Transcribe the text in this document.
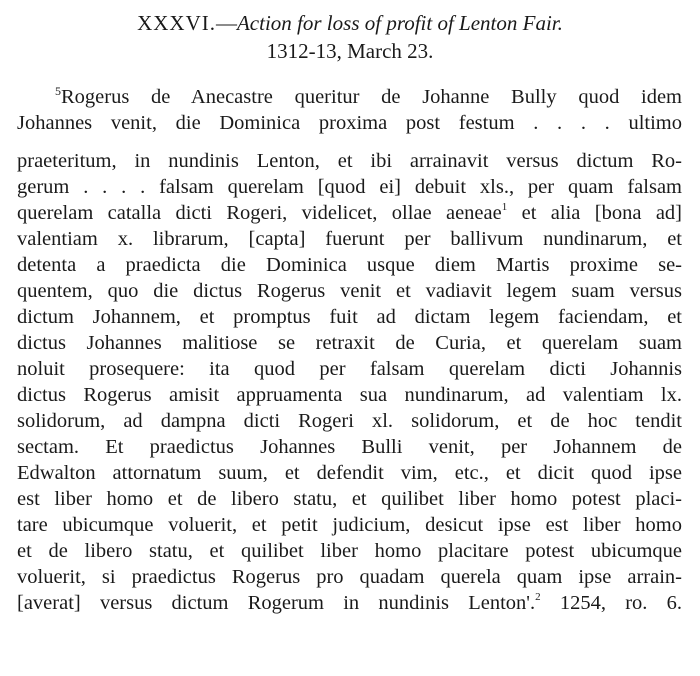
XXXVI.—Action for loss of profit of Lenton Fair.
1312-13, March 23.
$^5$Rogerus de Anecastre queritur de Johanne Bully quod idem
Johannes venit, die Dominica proxima post festum . . . . ultimo
praeteritum, in nundinis Lenton, et ibi arrainavit versus dictum Ro-
gerum . . . . falsam querelam [quod ei] debuit xls., per quam falsam
querelam catalla dicti Rogeri, videlicet, ollae aeneae$^1$ et alia [bona ad]
valentiam x. librarum, [capta] fuerunt per ballivum nundinarum, et
detenta a praedicta die Dominica usque diem Martis proxime se-
quentem, quo die dictus Rogerus venit et vadiavit legem suam versus
dictum Johannem, et promptus fuit ad dictam legem faciendam, et
dictus Johannes malitiose se retraxit de Curia, et querelam suam
noluit prosequere: ita quod per falsam querelam dicti Johannis
dictus Rogerus amisit appruamenta sua nundinarum, ad valentiam lx.
solidorum, ad dampna dicti Rogeri xl. solidorum, et de hoc tendit
sectam. Et praedictus Johannes Bulli venit, per Johannem de
Edwalton attornatum suum, et defendit vim, etc., et dicit quod ipse
est liber homo et de libero statu, et quilibet liber homo potest placi-
tare ubicumque voluerit, et petit judicium, desicut ipse est liber homo
et de libero statu, et quilibet liber homo placitare potest ubicumque
voluerit, si praedictus Rogerus pro quadam querela quam ipse arrain-
[averat] versus dictum Rogerum in nundinis Lenton'.$^2$ 1254, ro. 6.
